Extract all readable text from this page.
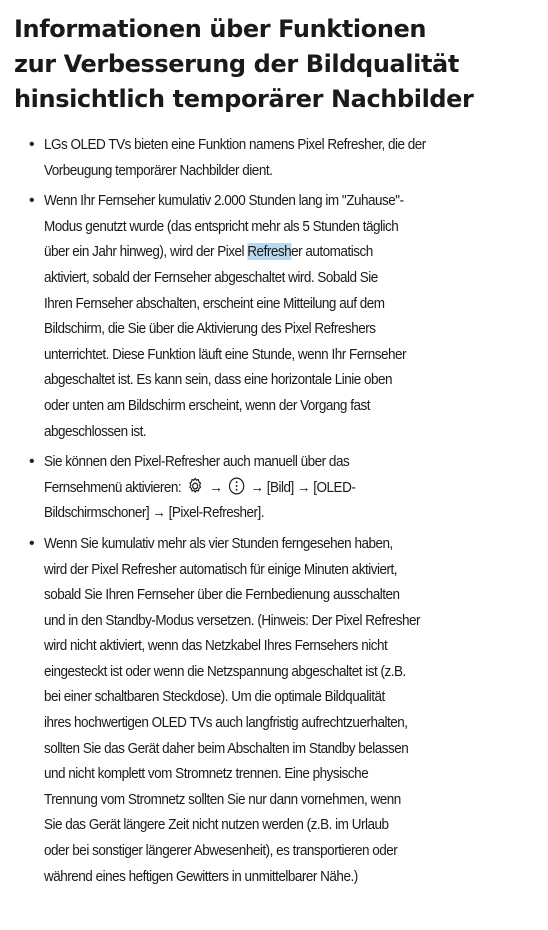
Informationen über Funktionen
zur Verbesserung der Bildqualität
hinsichtlich temporärer Nachbilder
• LGs OLED TVs bieten eine Funktion namens Pixel Refresher, die der
Vorbeugung temporärer Nachbilder dient.
• Wenn Ihr Fernseher kumulativ 2.000 Stunden lang im "Zuhause"-
Modus genutzt wurde (das entspricht mehr als 5 Stunden täglich
über ein Jahr hinweg), wird der Pixel Refresher automatisch
aktiviert, sobald der Fernseher abgeschaltet wird. Sobald Sie
Ihren Fernseher abschalten, erscheint eine Mitteilung auf dem
Bildschirm, die Sie über die Aktivierung des Pixel Refreshers
unterrichtet. Diese Funktion läuft eine Stunde, wenn Ihr Fernseher
abgeschaltet ist. Es kann sein, dass eine horizontale Linie oben
oder unten am Bildschirm erscheint, wenn der Vorgang fast
abgeschlossen ist.
• Sie können den Pixel-Refresher auch manuell über das
Fernsehmenü aktivieren:  → → [Bild] → [OLED-
Bildschirmschoner] → [Pixel-Refresher].
• Wenn Sie kumulativ mehr als vier Stunden ferngesehen haben,
wird der Pixel Refresher automatisch für einige Minuten aktiviert,
sobald Sie Ihren Fernseher über die Fernbedienung ausschalten
und in den Standby-Modus versetzen. (Hinweis: Der Pixel Refresher
wird nicht aktiviert, wenn das Netzkabel Ihres Fernsehers nicht
eingesteckt ist oder wenn die Netzspannung abgeschaltet ist (z.B.
bei einer schaltbaren Steckdose). Um die optimale Bildqualität
ihres hochwertigen OLED TVs auch langfristig aufrechtzuerhalten,
sollten Sie das Gerät daher beim Abschalten im Standby belassen
und nicht komplett vom Stromnetz trennen. Eine physische
Trennung vom Stromnetz sollten Sie nur dann vornehmen, wenn
Sie das Gerät längere Zeit nicht nutzen werden (z.B. im Urlaub
oder bei sonstiger längerer Abwesenheit), es transportieren oder
während eines heftigen Gewitters in unmittelbarer Nähe.)
